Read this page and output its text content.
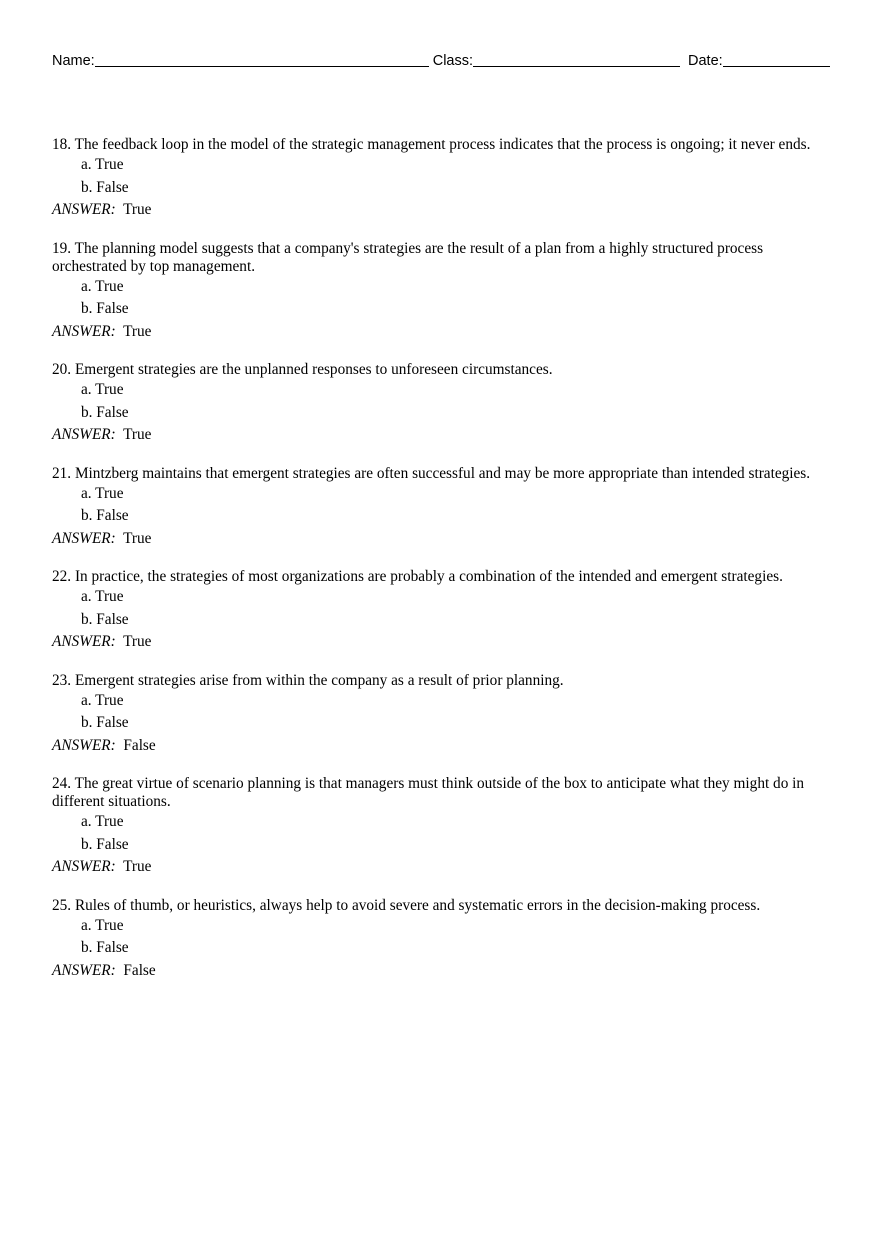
Name:	Class:	Date:

18. The feedback loop in the model of the strategic management process indicates that the process is ongoing; it never ends.

a. True

b. False

ANSWER: True

19. The planning model suggests that a company's strategies are the result of a plan from a highly structured process orchestrated by top management.

a. True

b. False

ANSWER: True

20. Emergent strategies are the unplanned responses to unforeseen circumstances.

a. True

b. False

ANSWER: True

21. Mintzberg maintains that emergent strategies are often successful and may be more appropriate than intended strategies.

a. True

b. False

ANSWER: True

22. In practice, the strategies of most organizations are probably a combination of the intended and emergent strategies.

a. True

b. False

ANSWER: True

23. Emergent strategies arise from within the company as a result of prior planning.

a. True

b. False

ANSWER: False

24. The great virtue of scenario planning is that managers must think outside of the box to anticipate what they might do in different situations.

a. True

b. False

ANSWER: True

25. Rules of thumb, or heuristics, always help to avoid severe and systematic errors in the decision-making process.

a. True

b. False

ANSWER: False
